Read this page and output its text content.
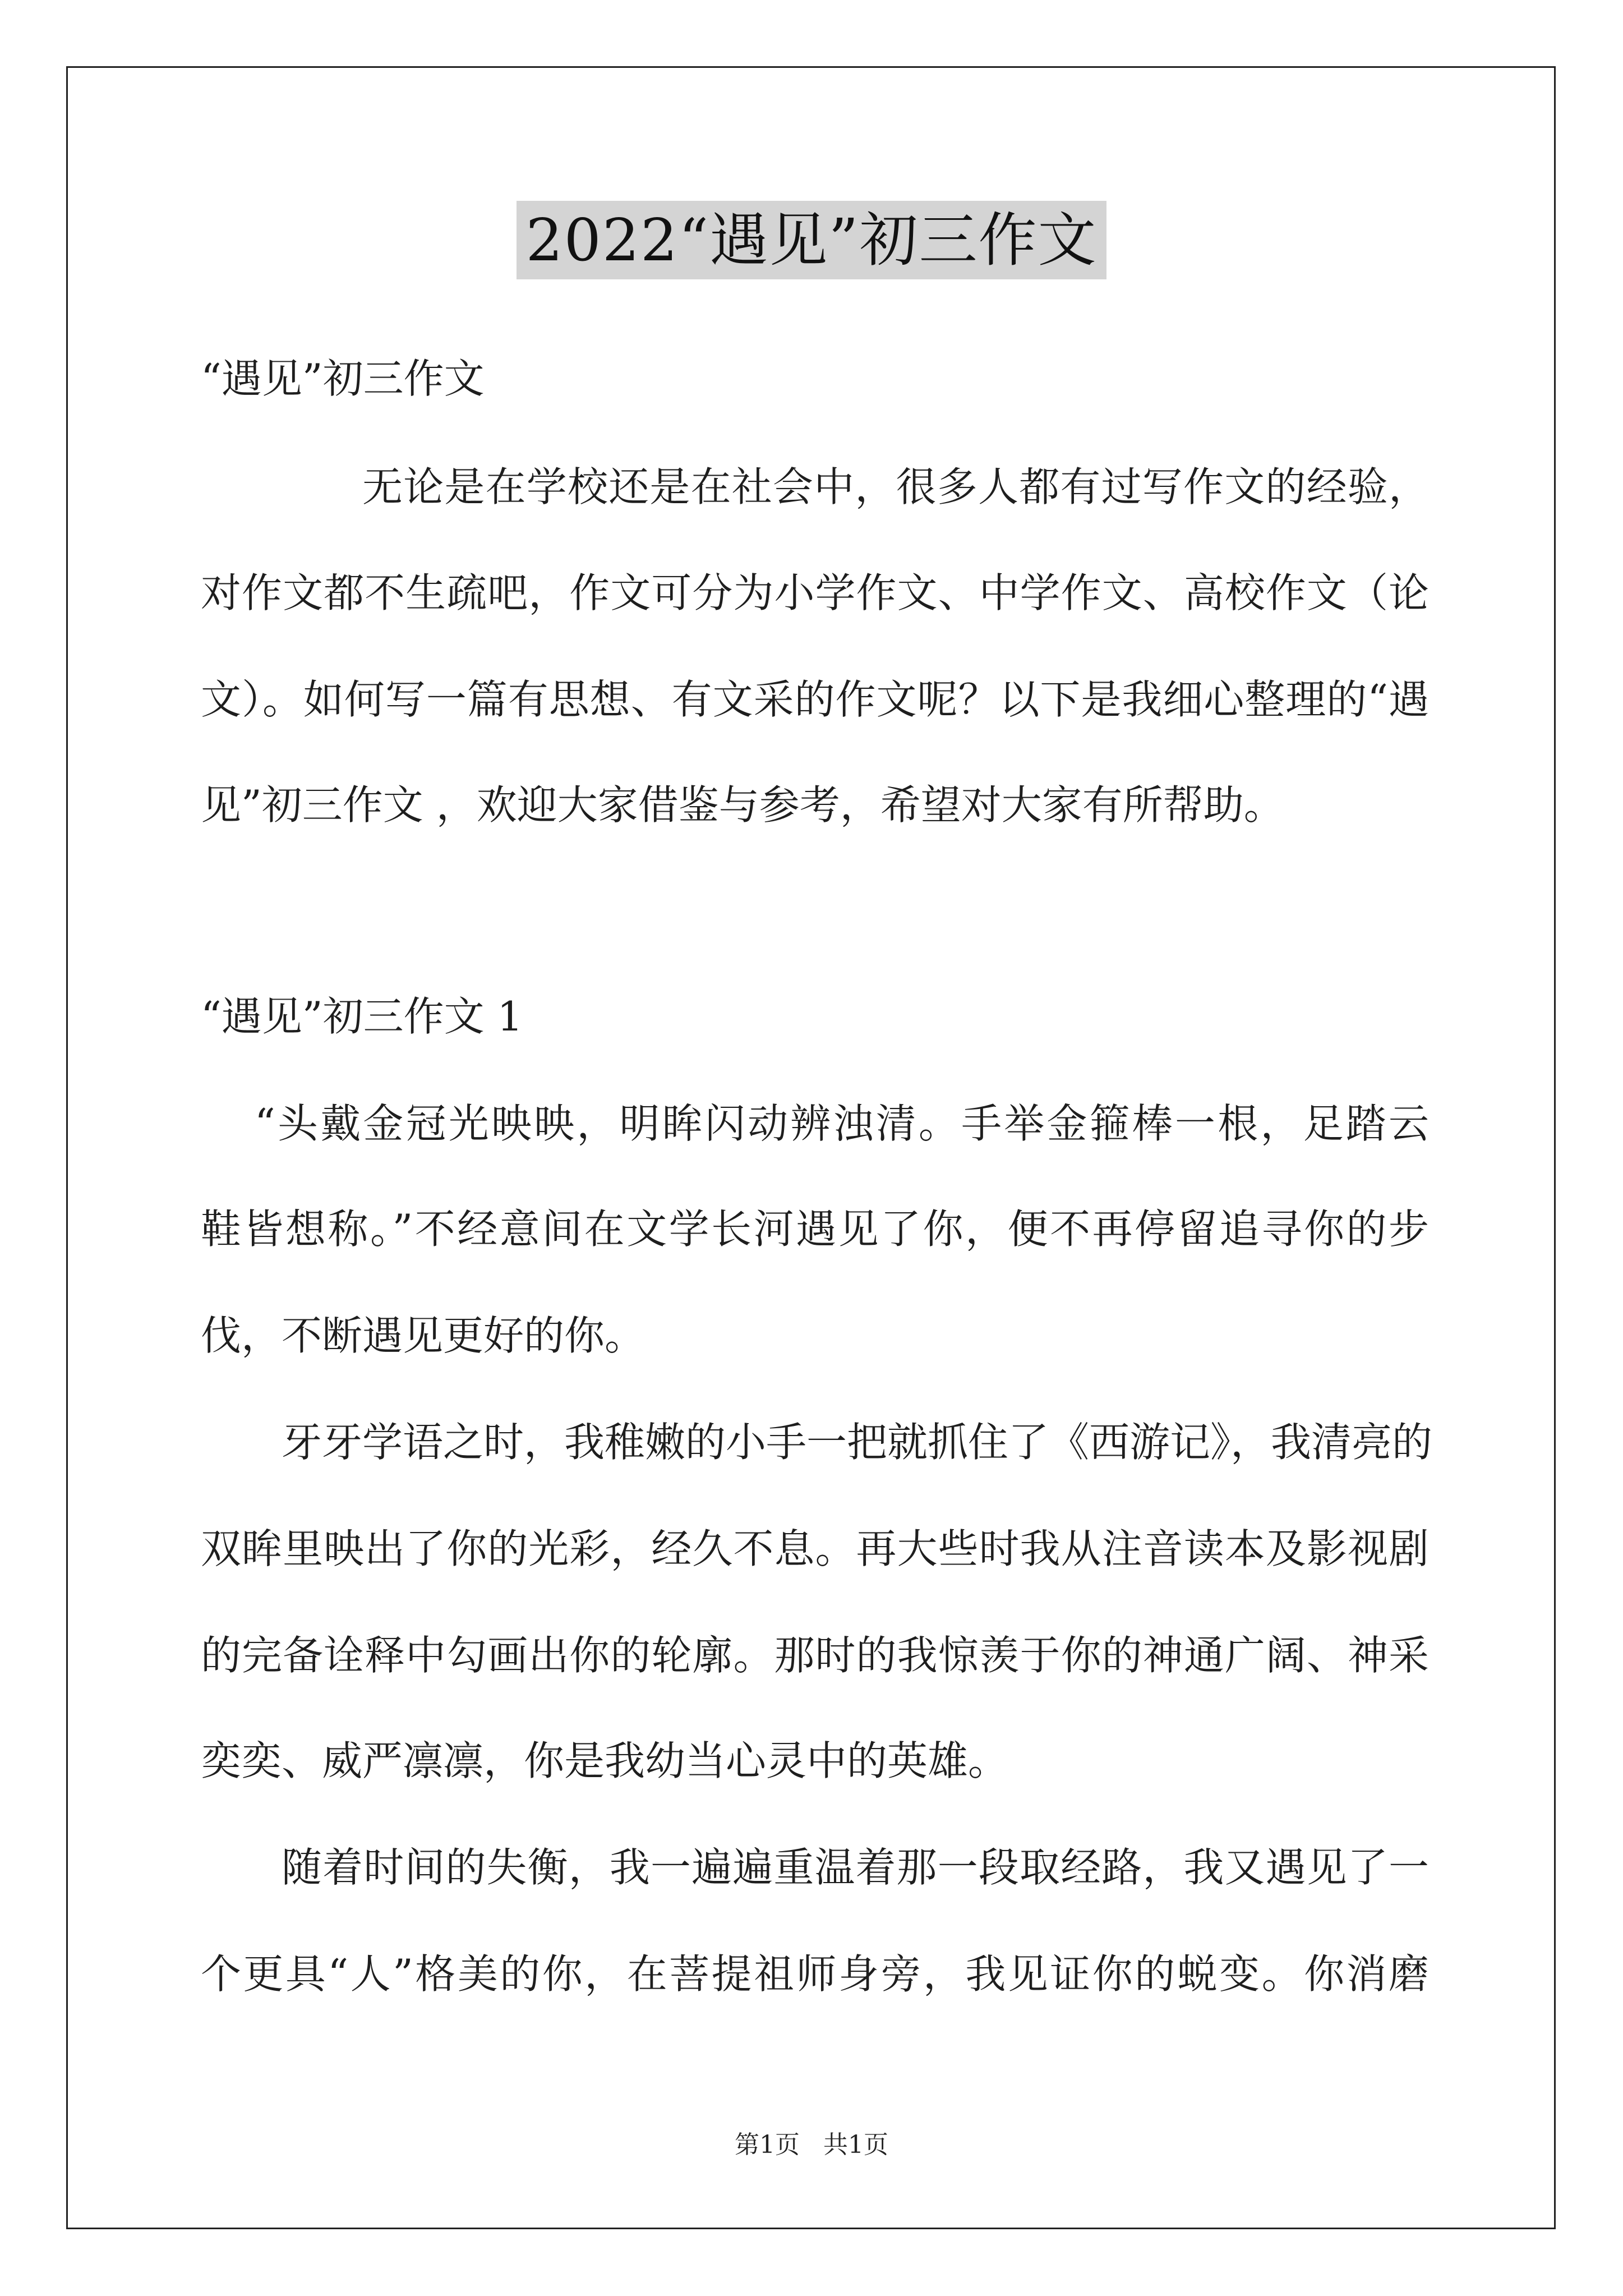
2022“遇见”初三作文
“遇见”初三作文
无论是在学校还是在社会中，很多人都有过写作文的经验，
对作文都不生疏吧，作文可分为小学作文、中学作文、高校作文（论
文）。如何写一篇有思想、有文采的作文呢？以下是我细心整理的“遇
见”初三作文 ，欢迎大家借鉴与参考，希望对大家有所帮助。
“遇见”初三作文 1
“头戴金冠光映映，明眸闪动辨浊清。手举金箍棒一根，足踏云
鞋皆想称。”不经意间在文学长河遇见了你，便不再停留追寻你的步
伐，不断遇见更好的你。
牙牙学语之时，我稚嫩的小手一把就抓住了《西游记》，我清亮的
双眸里映出了你的光彩，经久不息。再大些时我从注音读本及影视剧
的完备诠释中勾画出你的轮廓。那时的我惊羡于你的神通广阔、神采
奕奕、威严凛凛，你是我幼当心灵中的英雄。
随着时间的失衡，我一遍遍重温着那一段取经路，我又遇见了一
个更具“人”格美的你，在菩提祖师身旁，我见证你的蜕变。你消磨
第1页 共1页
